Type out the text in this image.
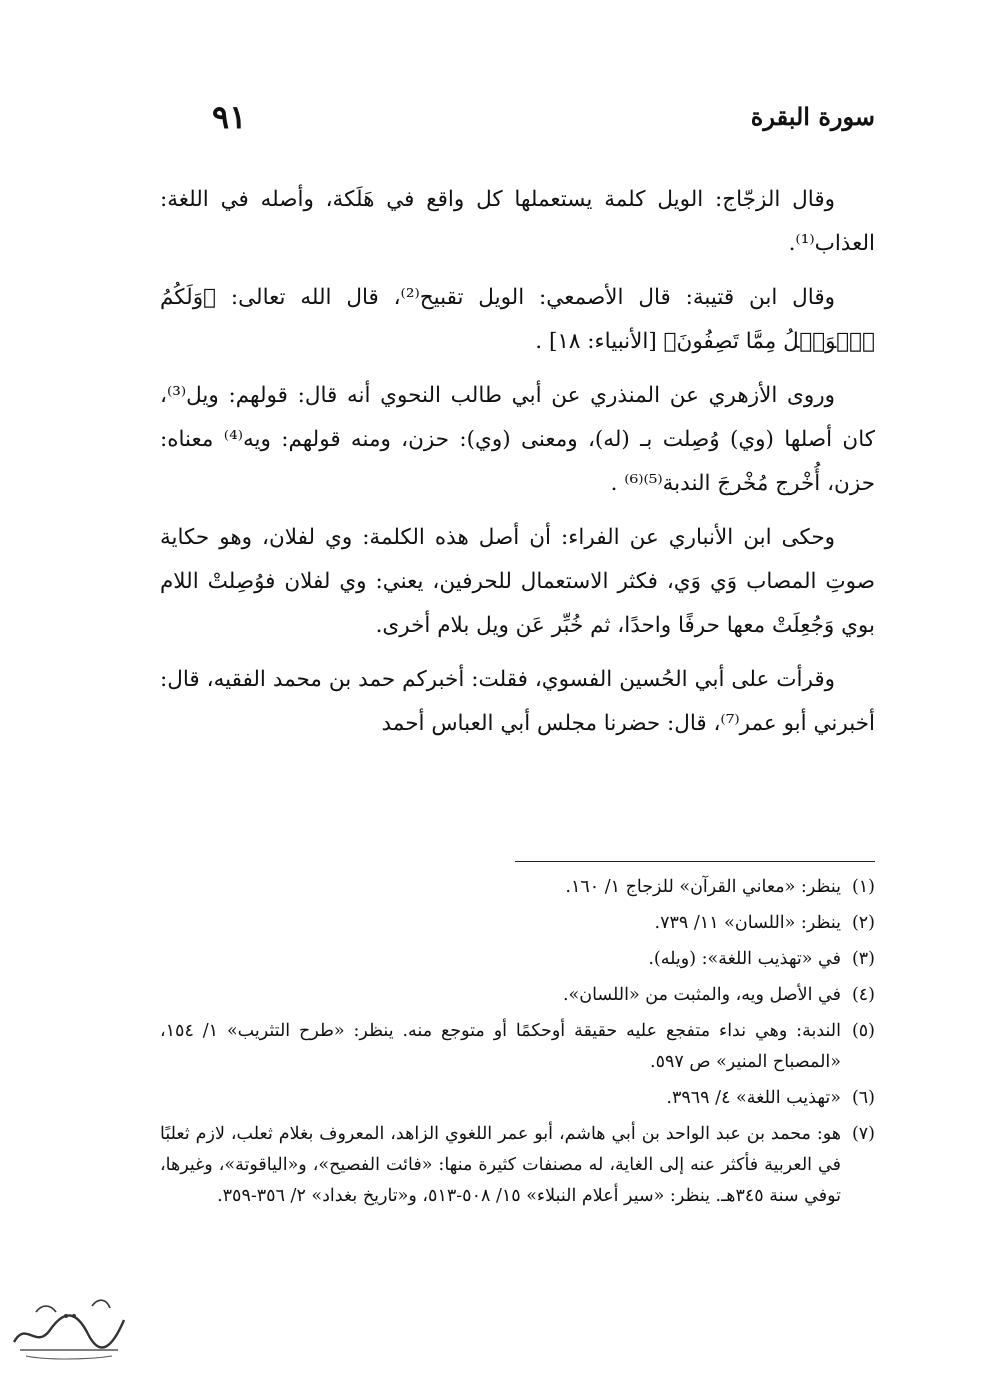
سورة البقرة
٩١

وقال الزجّاج: الويل كلمة يستعملها كل واقع في هَلَكة، وأصله في اللغة: العذاب⁽¹⁾.

وقال ابن قتيبة: قال الأصمعي: الويل تقبيح⁽²⁾، قال الله تعالى: ﴿وَلَكُمُ ٱلۡوَيۡلُ مِمَّا تَصِفُونَ﴾ [الأنبياء: ١٨] .

وروى الأزهري عن المنذري عن أبي طالب النحوي أنه قال: قولهم: ويل⁽³⁾، كان أصلها (وي) وُصِلت بـ (له)، ومعنى (وي): حزن، ومنه قولهم: ويه⁽⁴⁾ معناه: حزن، أُخْرج مُخْرجَ الندبة⁽⁵⁾⁽⁶⁾ .

وحكى ابن الأنباري عن الفراء: أن أصل هذه الكلمة: وي لفلان، وهو حكاية صوتِ المصاب وَي وَي، فكثر الاستعمال للحرفين، يعني: وي لفلان فوُصِلتْ اللام بوي وَجُعِلَتْ معها حرفًا واحدًا، ثم خُبِّر عَن ويل بلام أخرى.

وقرأت على أبي الحُسين الفسوي، فقلت: أخبركم حمد بن محمد الفقيه، قال: أخبرني أبو عمر⁽⁷⁾، قال: حضرنا مجلس أبي العباس أحمد

(١)
ينظر: «معاني القرآن» للزجاج ١/ ١٦٠.
(٢)
ينظر: «اللسان» ١١/ ٧٣٩.
(٣)
في «تهذيب اللغة»: (ويله).
(٤)
في الأصل ويه، والمثبت من «اللسان».
(٥)
الندبة: وهي نداء متفجع عليه حقيقة أوحكمًا أو متوجع منه. ينظر: «طرح التثريب» ١/ ١٥٤، «المصباح المنير» ص ٥٩٧.
(٦)
«تهذيب اللغة» ٤/ ٣٩٦٩.
(٧)
هو: محمد بن عبد الواحد بن أبي هاشم، أبو عمر اللغوي الزاهد، المعروف بغلام ثعلب، لازم ثعلبًا في العربية فأكثر عنه إلى الغاية، له مصنفات كثيرة منها: «فائت الفصيح»، و«الياقوتة»، وغيرها، توفي سنة ٣٤٥هـ. ينظر: «سير أعلام النبلاء» ١٥/ ٥٠٨-٥١٣، و«تاريخ بغداد» ٢/ ٣٥٦-٣٥٩.
